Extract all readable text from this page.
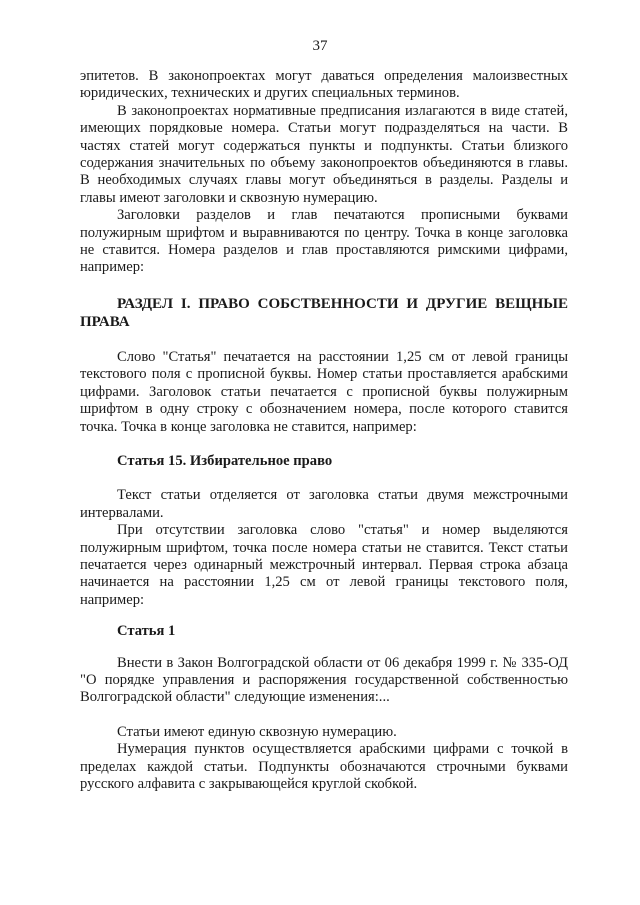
37

эпитетов. В законопроектах могут даваться определения малоизвестных юридических, технических и других специальных терминов.

В законопроектах нормативные предписания излагаются в виде статей, имеющих порядковые номера. Статьи могут подразделяться на части. В частях статей могут содержаться пункты и подпункты. Статьи близкого содержания значительных по объему законопроектов объединяются в главы. В необходимых случаях главы могут объединяться в разделы. Разделы и главы имеют заголовки и сквозную нумерацию.

Заголовки разделов и глав печатаются прописными буквами полужирным шрифтом и выравниваются по центру. Точка в конце заголовка не ставится. Номера разделов и глав проставляются римскими цифрами, например:

РАЗДЕЛ I. ПРАВО СОБСТВЕННОСТИ И ДРУГИЕ ВЕЩНЫЕ ПРАВА

Слово "Статья" печатается на расстоянии 1,25 см от левой границы текстового поля с прописной буквы. Номер статьи проставляется арабскими цифрами. Заголовок статьи печатается с прописной буквы полужирным шрифтом в одну строку с обозначением номера, после которого ставится точка. Точка в конце заголовка не ставится, например:

Статья 15. Избирательное право

Текст статьи отделяется от заголовка статьи двумя межстрочными интервалами.

При отсутствии заголовка слово "статья" и номер выделяются полужирным шрифтом, точка после номера статьи не ставится. Текст статьи печатается через одинарный межстрочный интервал. Первая строка абзаца начинается на расстоянии 1,25 см от левой границы текстового поля, например:

Статья 1

Внести в Закон Волгоградской области от 06 декабря 1999 г. № 335-ОД "О порядке управления и распоряжения государственной собственностью Волгоградской области" следующие изменения:...

Статьи имеют единую сквозную нумерацию.

Нумерация пунктов осуществляется арабскими цифрами с точкой в пределах каждой статьи. Подпункты обозначаются строчными буквами русского алфавита с закрывающейся круглой скобкой.
